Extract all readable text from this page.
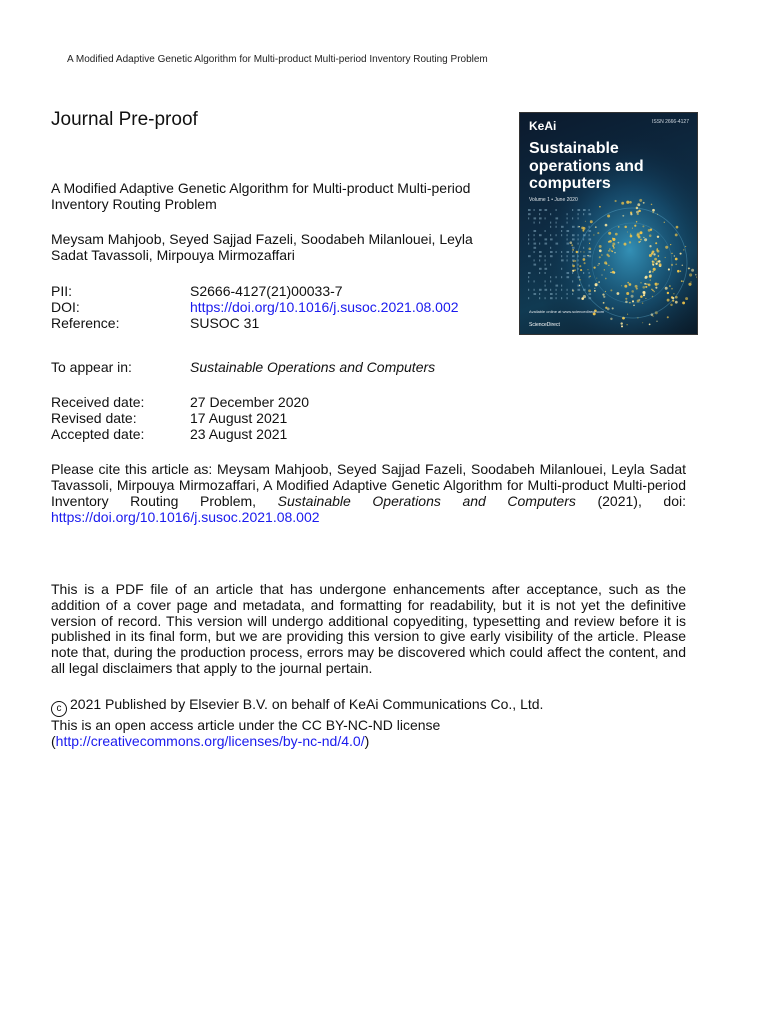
A Modified Adaptive Genetic Algorithm for Multi-product Multi-period Inventory Routing Problem
Journal Pre-proof
A Modified Adaptive Genetic Algorithm for Multi-product Multi-period Inventory Routing Problem
Meysam Mahjoob, Seyed Sajjad Fazeli, Soodabeh Milanlouei, Leyla Sadat Tavassoli, Mirpouya Mirmozaffari
PII:	S2666-4127(21)00033-7
DOI:	https://doi.org/10.1016/j.susoc.2021.08.002
Reference:	SUSOC 31
To appear in:	Sustainable Operations and Computers
Received date:	27 December 2020
Revised date:	17 August 2021
Accepted date:	23 August 2021
Please cite this article as: Meysam Mahjoob, Seyed Sajjad Fazeli, Soodabeh Milanlouei, Leyla Sadat Tavassoli, Mirpouya Mirmozaffari, A Modified Adaptive Genetic Algorithm for Multi-product Multi-period Inventory Routing Problem, Sustainable Operations and Computers (2021), doi: https://doi.org/10.1016/j.susoc.2021.08.002
This is a PDF file of an article that has undergone enhancements after acceptance, such as the addition of a cover page and metadata, and formatting for readability, but it is not yet the definitive version of record. This version will undergo additional copyediting, typesetting and review before it is published in its final form, but we are providing this version to give early visibility of the article. Please note that, during the production process, errors may be discovered which could affect the content, and all legal disclaimers that apply to the journal pertain.
c 2021 Published by Elsevier B.V. on behalf of KeAi Communications Co., Ltd.
This is an open access article under the CC BY-NC-ND license
(http://creativecommons.org/licenses/by-nc-nd/4.0/)
KeAi	ISSN 2666-4127
Sustainable operations and computers
Volume 1 • June 2020
Available online at www.sciencedirect.com
ScienceDirect
